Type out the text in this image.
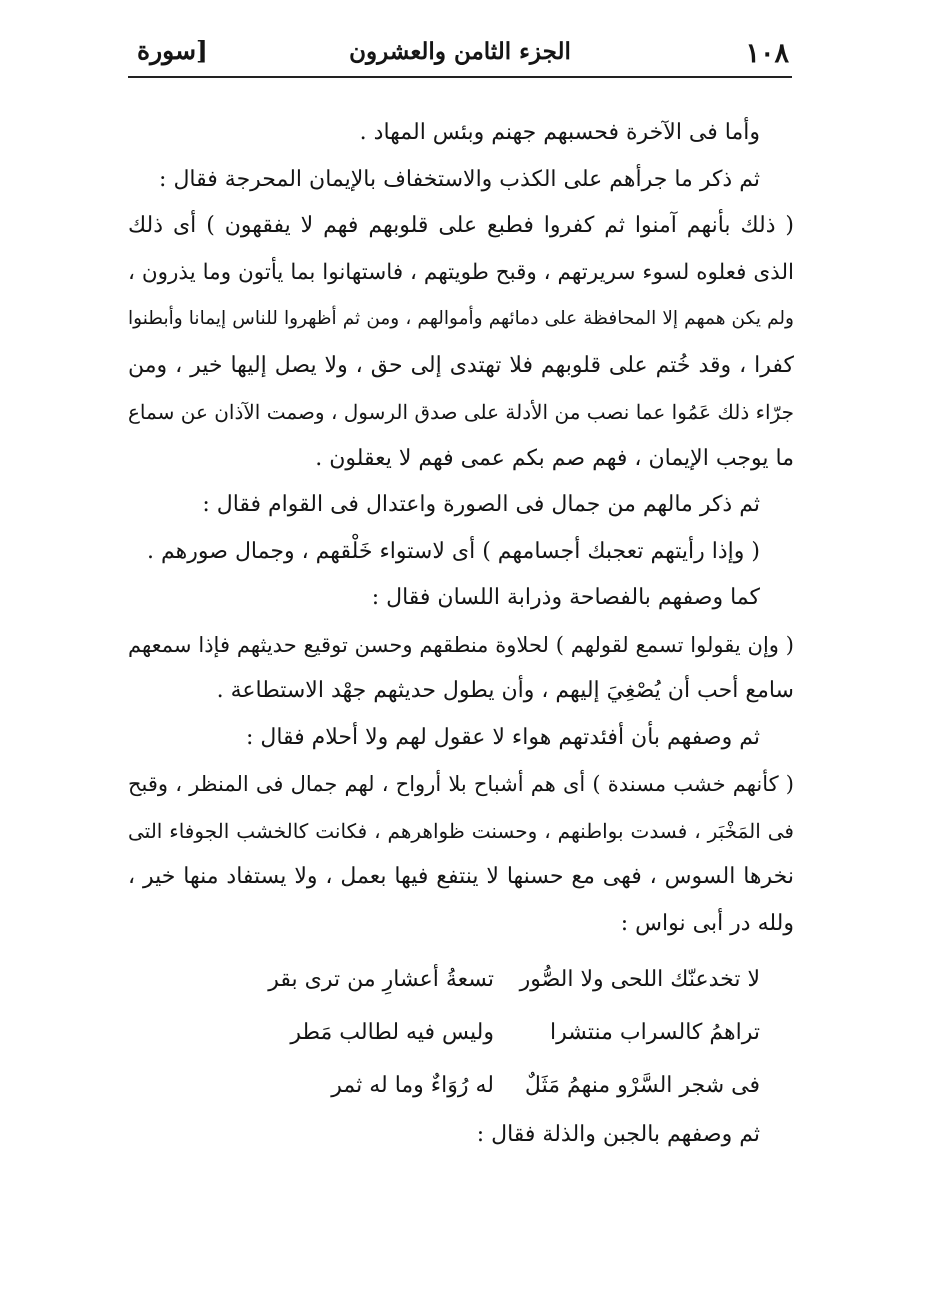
١٠٨
الجزء الثامن والعشرون
[سورة
وأما فى الآخرة فحسبهم جهنم وبئس المهاد .
ثم ذكر ما جرأهم على الكذب والاستخفاف بالإيمان المحرجة فقال :
( ذلك بأنهم آمنوا ثم كفروا فطبع على قلوبهم فهم لا يفقهون ) أى ذلك
الذى فعلوه لسوء سريرتهم ، وقبح طويتهم ، فاستهانوا بما يأتون وما يذرون ،
ولم يكن همهم إلا المحافظة على دمائهم وأموالهم ، ومن ثم أظهروا للناس إيمانا وأبطنوا
كفرا ، وقد خُتم على قلوبهم فلا تهتدى إلى حق ، ولا يصل إليها خير ، ومن
جرّاء ذلك عَمُوا عما نصب من الأدلة على صدق الرسول ، وصمت الآذان عن سماع
ما يوجب الإيمان ، فهم صم بكم عمى فهم لا يعقلون .
ثم ذكر مالهم من جمال فى الصورة واعتدال فى القوام فقال :
( وإذا رأيتهم تعجبك أجسامهم ) أى لاستواء خَلْقهم ، وجمال صورهم .
كما وصفهم بالفصاحة وذرابة اللسان فقال :
( وإن يقولوا تسمع لقولهم ) لحلاوة منطقهم وحسن توقيع حديثهم فإذا سمعهم
سامع أحب أن يُصْغِيَ إليهم ، وأن يطول حديثهم جهْد الاستطاعة .
ثم وصفهم بأن أفئدتهم هواء لا عقول لهم ولا أحلام فقال :
( كأنهم خشب مسندة ) أى هم أشباح بلا أرواح ، لهم جمال فى المنظر ، وقبح
فى المَخْبَر ، فسدت بواطنهم ، وحسنت ظواهرهم ، فكانت كالخشب الجوفاء التى
نخرها السوس ، فهى مع حسنها لا ينتفع فيها بعمل ، ولا يستفاد منها خير ،
ولله در أبى نواس :
لا تخدعنّك اللحى ولا الصُّور
تسعةُ أعشارِ من ترى بقر
تراهمُ كالسراب منتشرا
وليس فيه لطالب مَطر
فى شجر السَّرْو منهمُ مَثَلٌ
له رُوَاءٌ وما له ثمر
ثم وصفهم بالجبن والذلة فقال :
